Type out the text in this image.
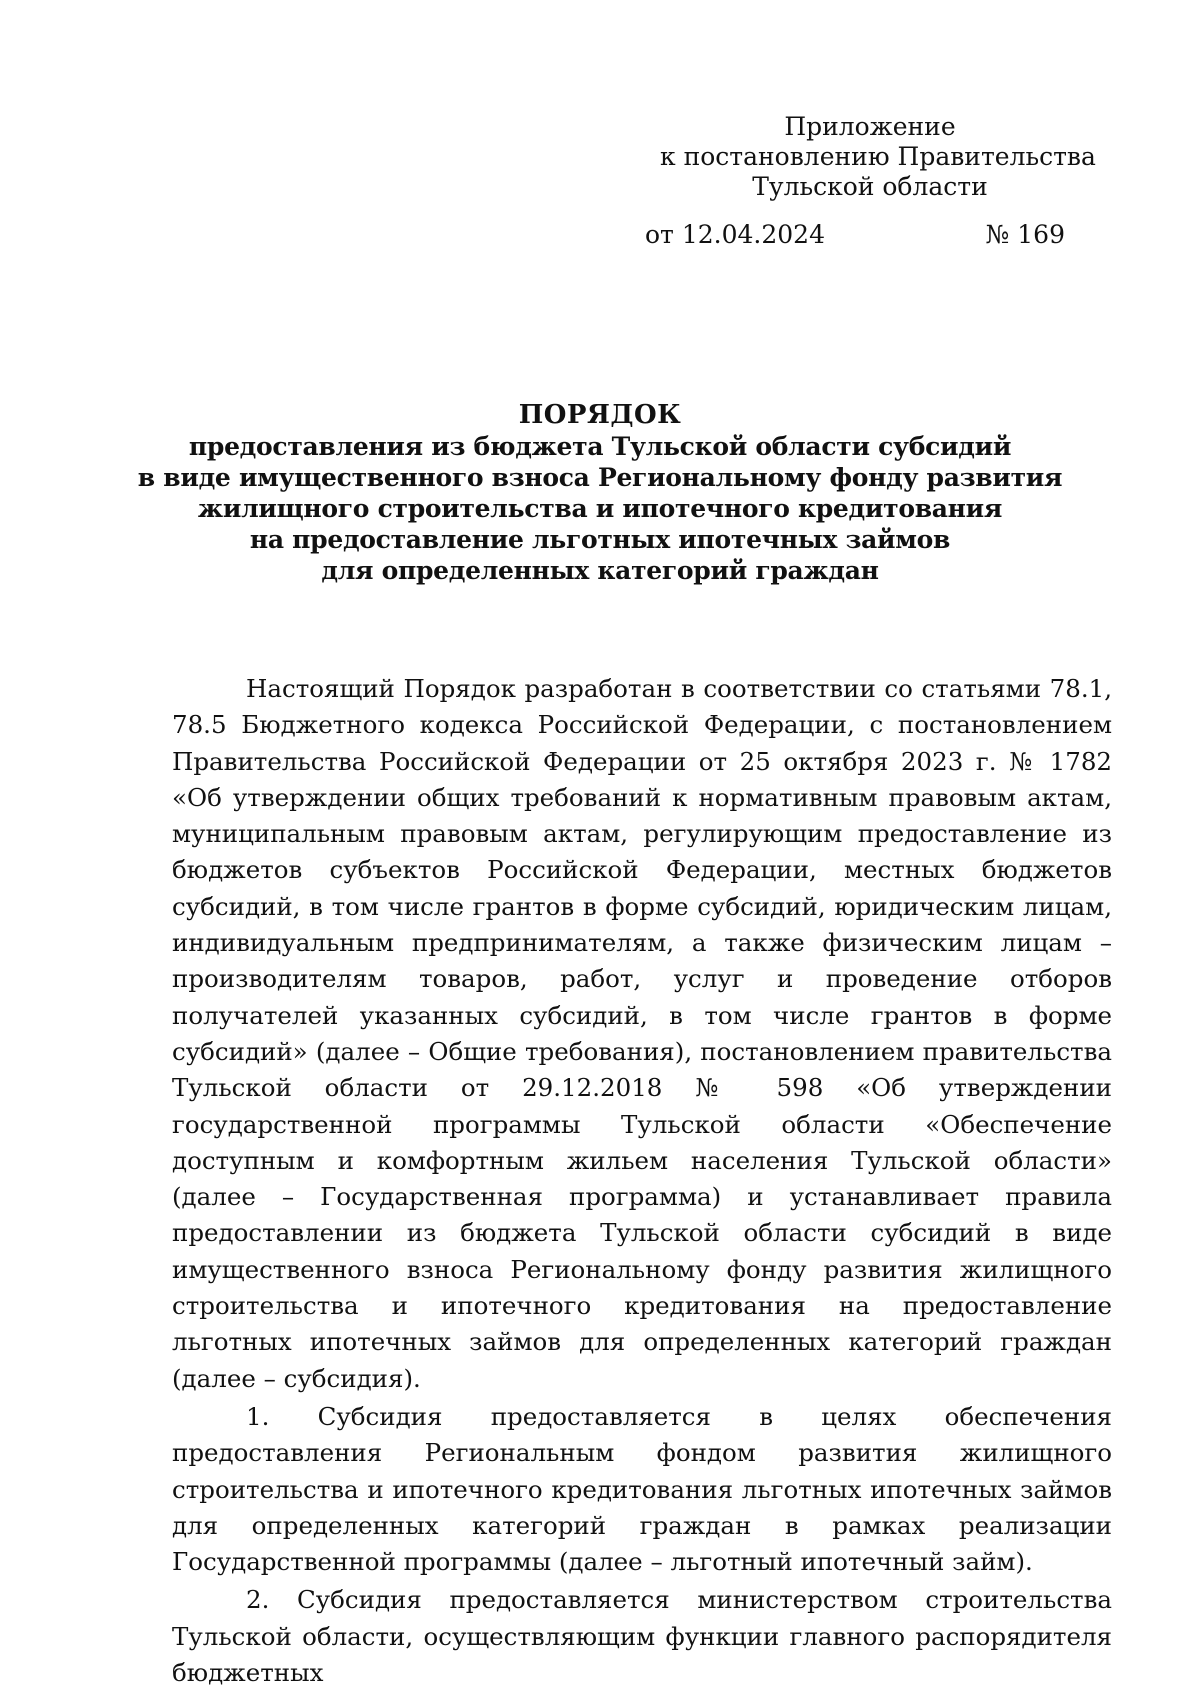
Приложение
к постановлению Правительства
Тульской области
от 12.04.2024	№ 169
ПОРЯДОК
предоставления из бюджета Тульской области субсидий
в виде имущественного взноса Региональному фонду развития
жилищного строительства и ипотечного кредитования
на предоставление льготных ипотечных займов
для определенных категорий граждан

Настоящий Порядок разработан в соответствии со статьями 78.1, 78.5 Бюджетного кодекса Российской Федерации, с постановлением Правительства Российской Федерации от 25 октября 2023 г. № 1782 «Об утверждении общих требований к нормативным правовым актам, муниципальным правовым актам, регулирующим предоставление из бюджетов субъектов Российской Федерации, местных бюджетов субсидий, в том числе грантов в форме субсидий, юридическим лицам, индивидуальным предпринимателям, а также физическим лицам – производителям товаров, работ, услуг и проведение отборов получателей указанных субсидий, в том числе грантов в форме субсидий» (далее – Общие требования), постановлением правительства Тульской области от 29.12.2018 № 598 «Об утверждении государственной программы Тульской области «Обеспечение доступным и комфортным жильем населения Тульской области» (далее – Государственная программа) и устанавливает правила предоставлении из бюджета Тульской области субсидий в виде имущественного взноса Региональному фонду развития жилищного строительства и ипотечного кредитования на предоставление льготных ипотечных займов для определенных категорий граждан (далее – субсидия).

1. Субсидия предоставляется в целях обеспечения предоставления Региональным фондом развития жилищного строительства и ипотечного кредитования льготных ипотечных займов для определенных категорий граждан в рамках реализации Государственной программы (далее – льготный ипотечный займ).

2. Субсидия предоставляется министерством строительства Тульской области, осуществляющим функции главного распорядителя бюджетных
